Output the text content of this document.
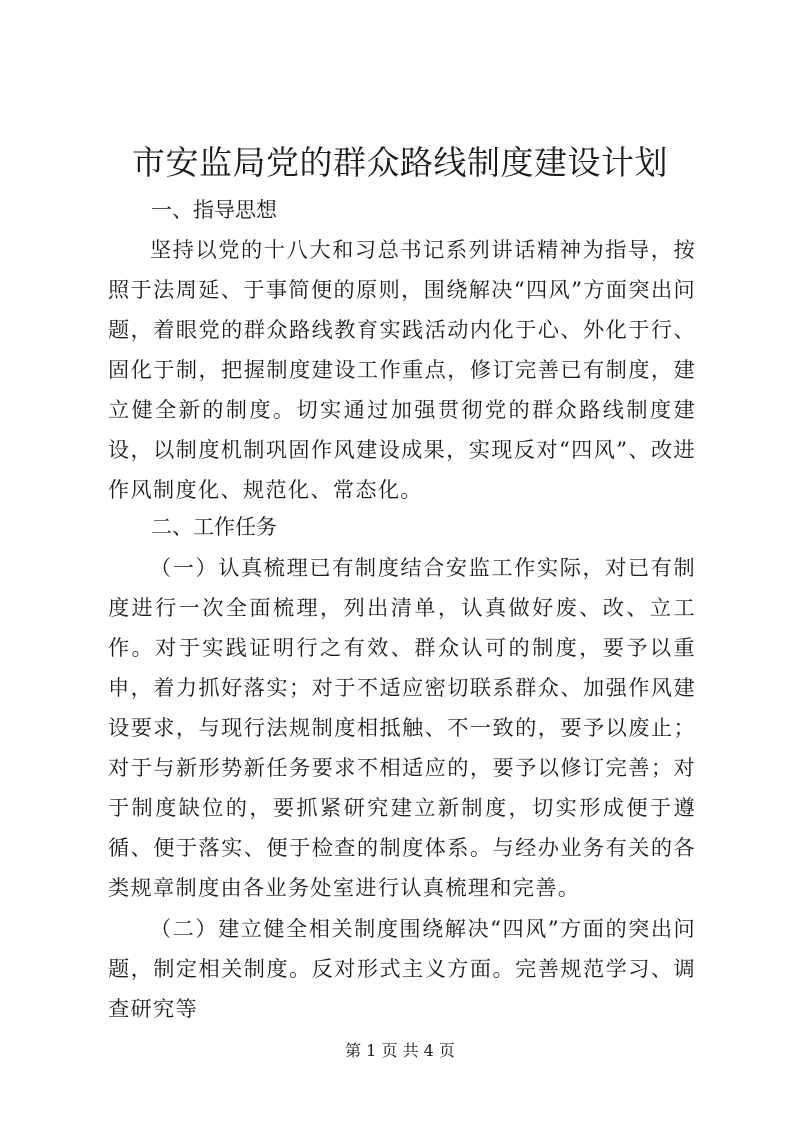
市安监局党的群众路线制度建设计划

一、指导思想

坚持以党的十八大和习总书记系列讲话精神为指导，按照于法周延、于事简便的原则，围绕解决“四风”方面突出问题，着眼党的群众路线教育实践活动内化于心、外化于行、固化于制，把握制度建设工作重点，修订完善已有制度，建立健全新的制度。切实通过加强贯彻党的群众路线制度建设，以制度机制巩固作风建设成果，实现反对“四风”、改进作风制度化、规范化、常态化。

二、工作任务

（一）认真梳理已有制度结合安监工作实际，对已有制度进行一次全面梳理，列出清单，认真做好废、改、立工作。对于实践证明行之有效、群众认可的制度，要予以重申，着力抓好落实；对于不适应密切联系群众、加强作风建设要求，与现行法规制度相抵触、不一致的，要予以废止；对于与新形势新任务要求不相适应的，要予以修订完善；对于制度缺位的，要抓紧研究建立新制度，切实形成便于遵循、便于落实、便于检查的制度体系。与经办业务有关的各类规章制度由各业务处室进行认真梳理和完善。

（二）建立健全相关制度围绕解决“四风”方面的突出问题，制定相关制度。反对形式主义方面。完善规范学习、调查研究等

第 1 页 共 4 页
